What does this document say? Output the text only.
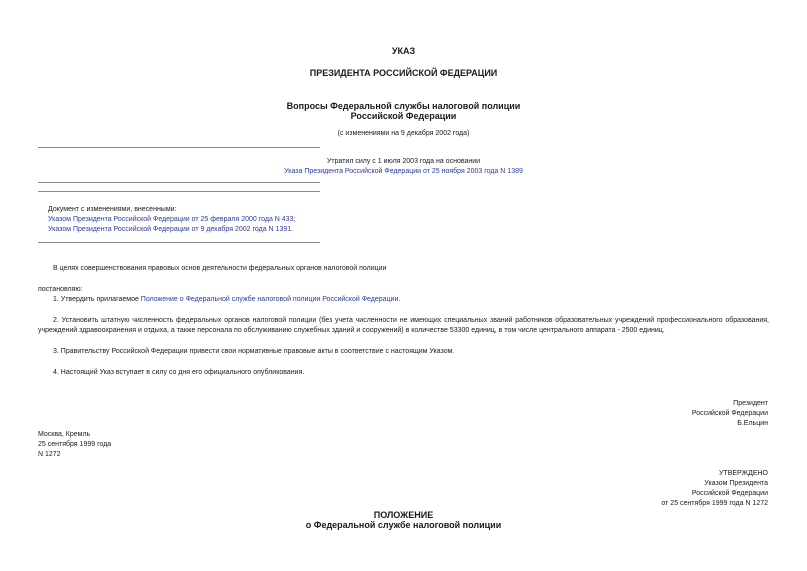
УКАЗ
ПРЕЗИДЕНТА РОССИЙСКОЙ ФЕДЕРАЦИИ
Вопросы Федеральной службы налоговой полиции
Российской Федерации
(с изменениями на 9 декабря 2002 года)
Утратил силу с 1 июля 2003 года на основании
Указа Президента Российской Федерации от 25 ноября 2003 года N 1389
Документ с изменениями, внесенными:
Указом Президента Российской Федерации от 25 февраля 2000 года N 433;
Указом Президента Российской Федерации от 9 декабря 2002 года N 1391.
В целях совершенствования правовых основ деятельности федеральных органов налоговой полиции
постановляю:
1. Утвердить прилагаемое Положение о Федеральной службе налоговой полиции Российской Федерации.
2. Установить штатную численность федеральных органов налоговой полиции (без учета численности не имеющих специальных званий работников образовательных учреждений профессионального образования, учреждений здравоохранения и отдыха, а также персонала по обслуживанию служебных зданий и сооружений) в количестве 53300 единиц, в том числе центрального аппарата - 2500 единиц.
3. Правительству Российской Федерации привести свои нормативные правовые акты в соответствие с настоящим Указом.
4. Настоящий Указ вступает в силу со дня его официального опубликования.
Президент
Российской Федерации
Б.Ельцин
Москва, Кремль
25 сентября 1999 года
N 1272
УТВЕРЖДЕНО
Указом Президента
Российской Федерации
от 25 сентября 1999 года N 1272
ПОЛОЖЕНИЕ
о Федеральной службе налоговой полиции
